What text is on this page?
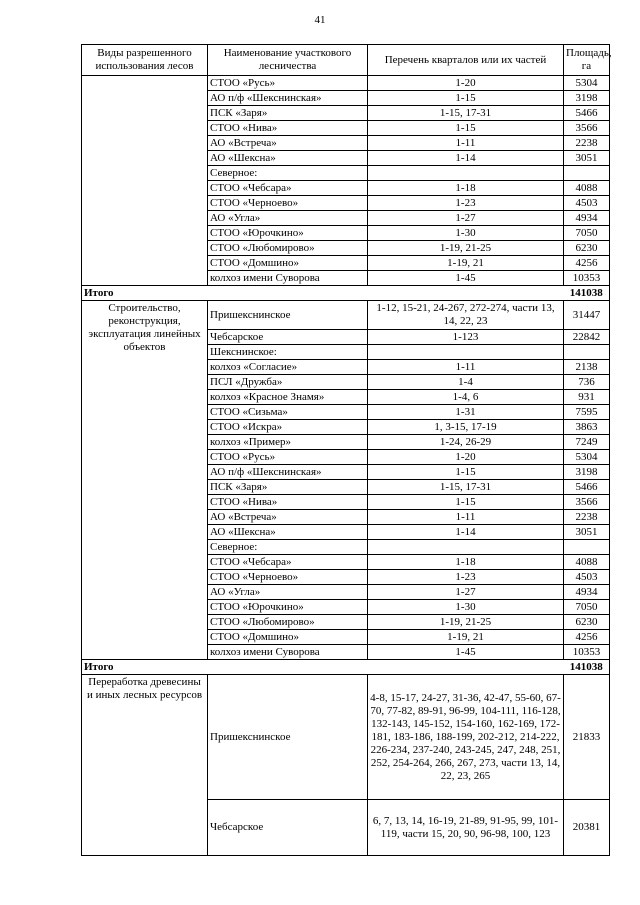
41
Виды разрешенного использования лесов	Наименование участкового лесничества	Перечень кварталов или их частей	Площадь, га
	СТОО «Русь»	1-20	5304
	АО п/ф «Шекснинская»	1-15	3198
	ПСК «Заря»	1-15, 17-31	5466
	СТОО «Нива»	1-15	3566
	АО «Встреча»	1-11	2238
	АО «Шексна»	1-14	3051
	Северное:		
	СТОО «Чебсара»	1-18	4088
	СТОО «Черноево»	1-23	4503
	АО «Угла»	1-27	4934
	СТОО «Юрочкино»	1-30	7050
	СТОО «Любомирово»	1-19, 21-25	6230
	СТОО «Домшино»	1-19, 21	4256
	колхоз имени Суворова	1-45	10353
Итого			141038
Строительство, реконструкция, эксплуатация линейных объектов	Пришекснинское	1-12, 15-21, 24-267, 272-274, части 13, 14, 22, 23	31447
	Чебсарское	1-123	22842
	Шекснинское:		
	колхоз «Согласие»	1-11	2138
	ПСЛ «Дружба»	1-4	736
	колхоз «Красное Знамя»	1-4, 6	931
	СТОО «Сизьма»	1-31	7595
	СТОО «Искра»	1, 3-15, 17-19	3863
	колхоз «Пример»	1-24, 26-29	7249
	СТОО «Русь»	1-20	5304
	АО п/ф «Шекснинская»	1-15	3198
	ПСК «Заря»	1-15, 17-31	5466
	СТОО «Нива»	1-15	3566
	АО «Встреча»	1-11	2238
	АО «Шексна»	1-14	3051
	Северное:		
	СТОО «Чебсара»	1-18	4088
	СТОО «Черноево»	1-23	4503
	АО «Угла»	1-27	4934
	СТОО «Юрочкино»	1-30	7050
	СТОО «Любомирово»	1-19, 21-25	6230
	СТОО «Домшино»	1-19, 21	4256
	колхоз имени Суворова	1-45	10353
Итого			141038
Переработка древесины и иных лесных ресурсов	Пришекснинское	4-8, 15-17, 24-27, 31-36, 42-47, 55-60, 67-70, 77-82, 89-91, 96-99, 104-111, 116-128, 132-143, 145-152, 154-160, 162-169, 172-181, 183-186, 188-199, 202-212, 214-222, 226-234, 237-240, 243-245, 247, 248, 251, 252, 254-264, 266, 267, 273, части 13, 14, 22, 23, 265	21833
	Чебсарское	6, 7, 13, 14, 16-19, 21-89, 91-95, 99, 101-119, части 15, 20, 90, 96-98, 100, 123	20381
